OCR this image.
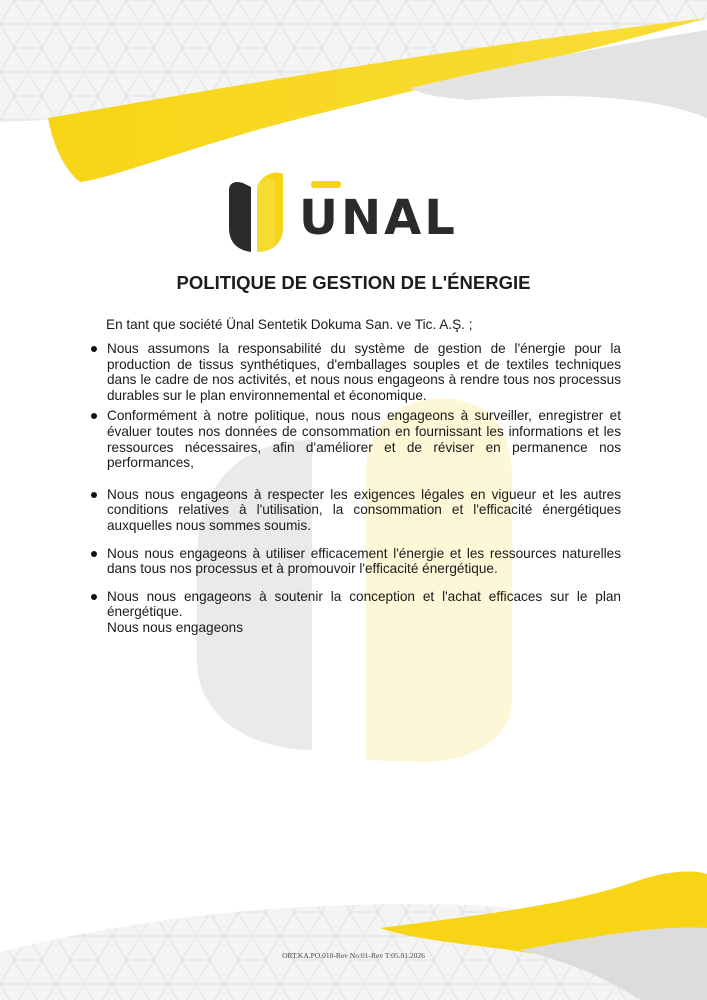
UNAL
POLITIQUE DE GESTION DE L'ÉNERGIE
En tant que société Ünal Sentetik Dokuma San. ve Tic. A.Ş. ;
Nous assumons la responsabilité du système de gestion de l'énergie pour la production de tissus synthétiques, d'emballages souples et de textiles techniques dans le cadre de nos activités, et nous nous engageons à rendre tous nos processus durables sur le plan environnemental et économique.
Conformément à notre politique, nous nous engageons à surveiller, enregistrer et évaluer toutes nos données de consommation en fournissant les informations et les ressources nécessaires, afin d'améliorer et de réviser en permanence nos performances,
Nous nous engageons à respecter les exigences légales en vigueur et les autres conditions relatives à l'utilisation, la consommation et l'efficacité énergétiques auxquelles nous sommes soumis.
Nous nous engageons à utiliser efficacement l'énergie et les ressources naturelles dans tous nos processus et à promouvoir l'efficacité énergétique.
Nous nous engageons à soutenir la conception et l'achat efficaces sur le plan énergétique.
Nous nous engageons
ORT.KA.PO.010-Rev No:01-Rev T:05.01.2026
